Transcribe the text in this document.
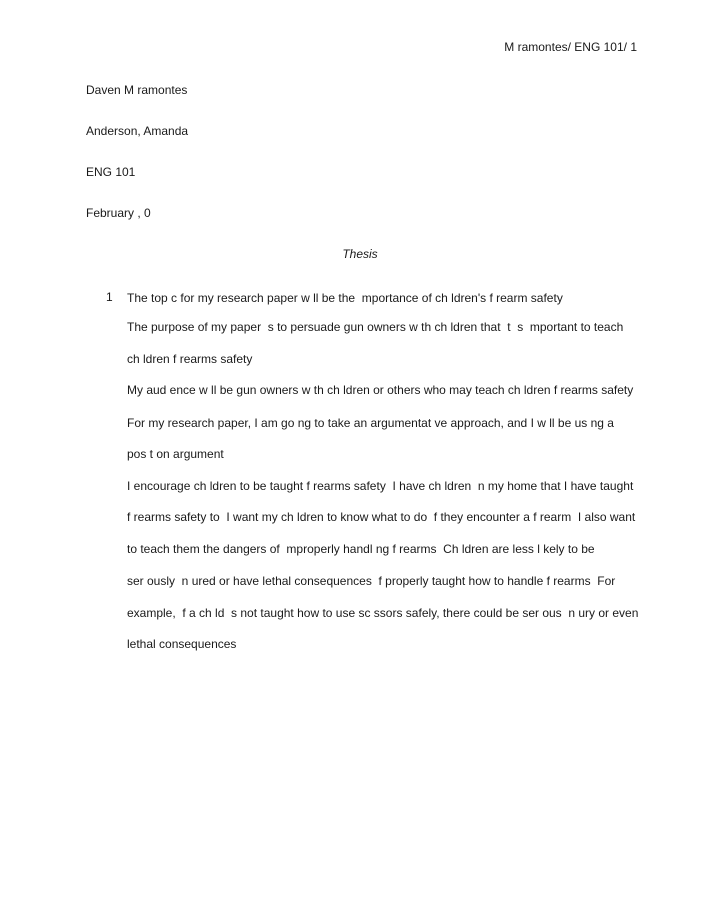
M ramontes/ ENG 101/ 1
Daven M ramontes
Anderson, Amanda
ENG 101
February , 0
Thesis
1 The top c for my research paper w ll be the  mportance of ch ldren's f rearm safety
The purpose of my paper  s to persuade gun owners w th ch ldren that  t  s  mportant to teach
ch ldren f rearms safety
My aud ence w ll be gun owners w th ch ldren or others who may teach ch ldren f rearms safety
For my research paper, I am go ng to take an argumentat ve approach, and I w ll be us ng a
pos t on argument
I encourage ch ldren to be taught f rearms safety  I have ch ldren  n my home that I have taught
f rearms safety to  I want my ch ldren to know what to do  f they encounter a f rearm  I also want
to teach them the dangers of  mproperly handl ng f rearms  Ch ldren are less l kely to be
ser ously  n ured or have lethal consequences  f properly taught how to handle f rearms  For
example,  f a ch ld  s not taught how to use sc ssors safely, there could be ser ous  n ury or even
lethal consequences
